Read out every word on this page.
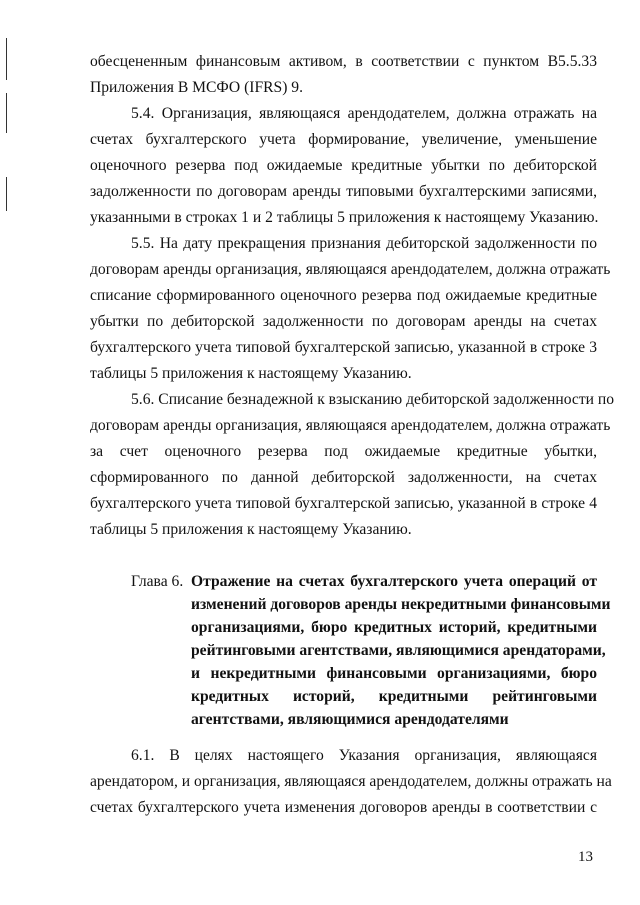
обесцененным финансовым активом, в соответствии с пунктом В5.5.33
Приложения В МСФО (IFRS) 9.
5.4. Организация, являющаяся арендодателем, должна отражать на
счетах бухгалтерского учета формирование, увеличение, уменьшение
оценочного резерва под ожидаемые кредитные убытки по дебиторской
задолженности по договорам аренды типовыми бухгалтерскими записями,
указанными в строках 1 и 2 таблицы 5 приложения к настоящему Указанию.
5.5. На дату прекращения признания дебиторской задолженности по
договорам аренды организация, являющаяся арендодателем, должна отражать
списание сформированного оценочного резерва под ожидаемые кредитные
убытки по дебиторской задолженности по договорам аренды на счетах
бухгалтерского учета типовой бухгалтерской записью, указанной в строке 3
таблицы 5 приложения к настоящему Указанию.
5.6. Списание безнадежной к взысканию дебиторской задолженности по
договорам аренды организация, являющаяся арендодателем, должна отражать
за счет оценочного резерва под ожидаемые кредитные убытки,
сформированного по данной дебиторской задолженности, на счетах
бухгалтерского учета типовой бухгалтерской записью, указанной в строке 4
таблицы 5 приложения к настоящему Указанию.
Глава 6. Отражение на счетах бухгалтерского учета операций от
изменений договоров аренды некредитными финансовыми
организациями, бюро кредитных историй, кредитными
рейтинговыми агентствами, являющимися арендаторами,
и некредитными финансовыми организациями, бюро
кредитных историй, кредитными рейтинговыми
агентствами, являющимися арендодателями
6.1. В целях настоящего Указания организация, являющаяся
арендатором, и организация, являющаяся арендодателем, должны отражать на
счетах бухгалтерского учета изменения договоров аренды в соответствии с
13
